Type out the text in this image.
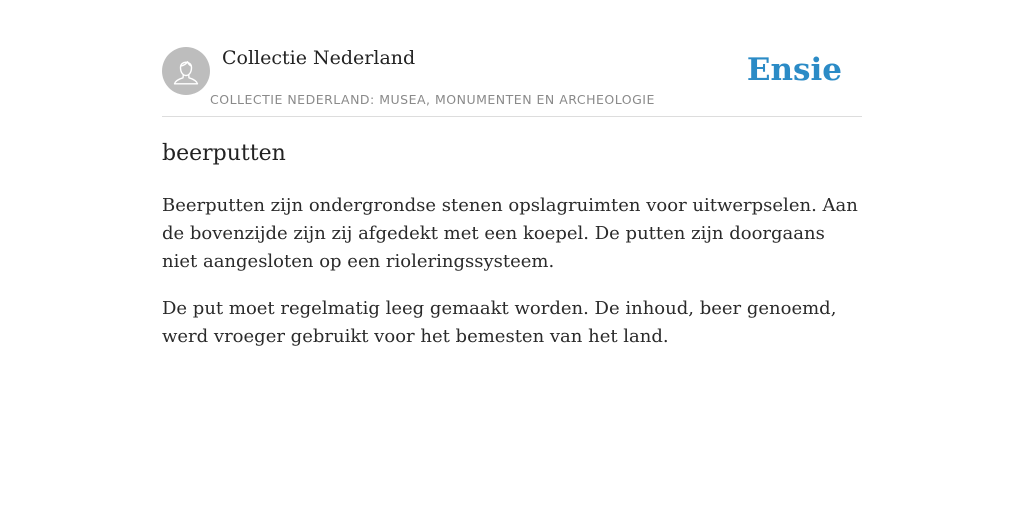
Collectie Nederland
COLLECTIE NEDERLAND: MUSEA, MONUMENTEN EN ARCHEOLOGIE
Ensie
beerputten

Beerputten zijn ondergrondse stenen opslagruimten voor uitwerpselen. Aan de bovenzijde zijn zij afgedekt met een koepel. De putten zijn doorgaans niet aangesloten op een rioleringssysteem.

De put moet regelmatig leeg gemaakt worden. De inhoud, beer genoemd, werd vroeger gebruikt voor het bemesten van het land.
